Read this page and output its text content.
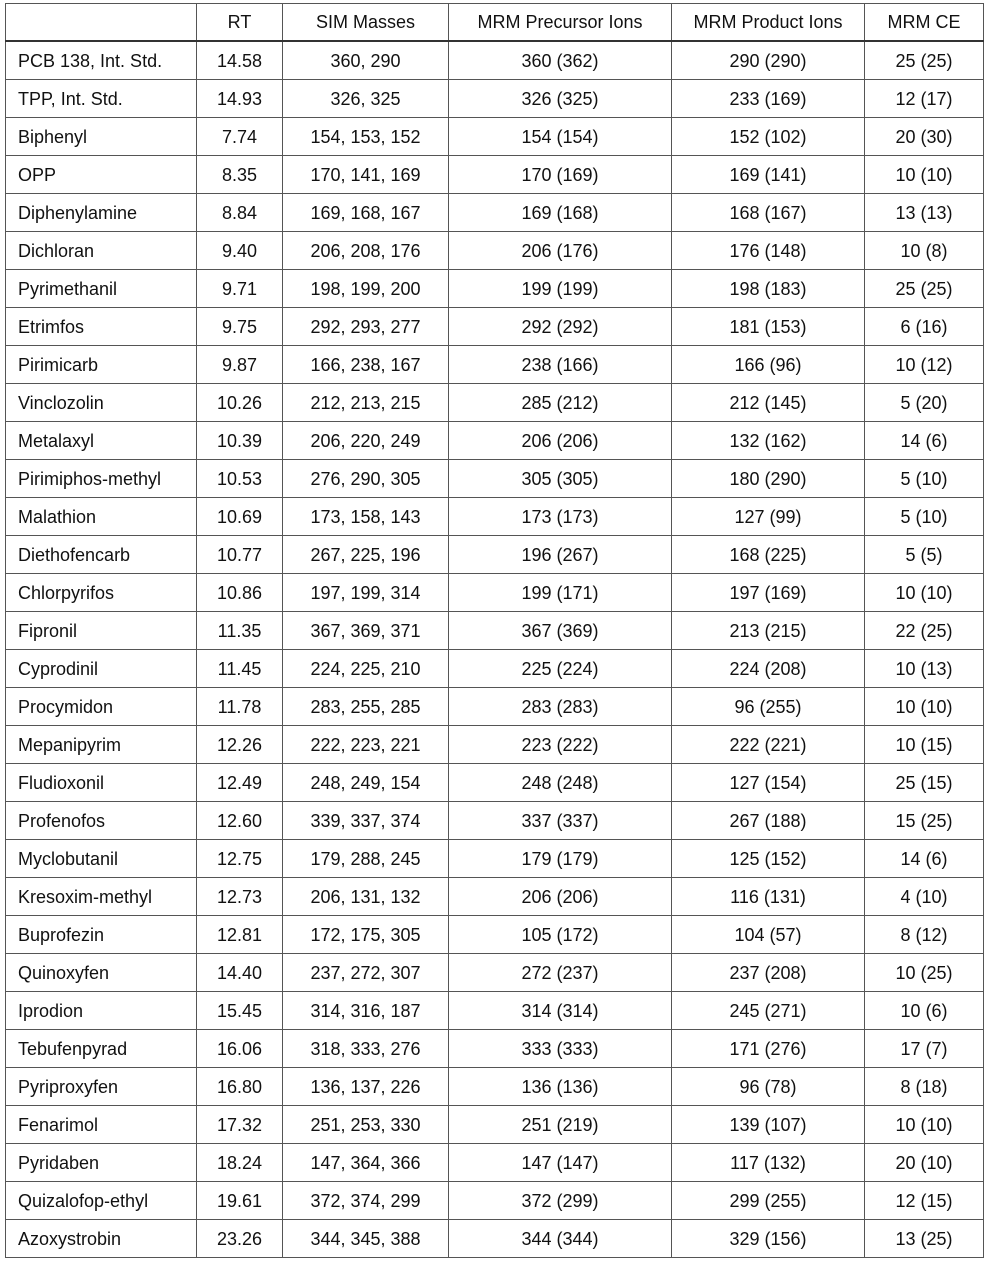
	RT	SIM Masses	MRM Precursor Ions	MRM Product Ions	MRM CE
PCB 138, Int. Std.	14.58	360, 290	360 (362)	290 (290)	25 (25)
TPP, Int. Std.	14.93	326, 325	326 (325)	233 (169)	12 (17)
Biphenyl	7.74	154, 153, 152	154 (154)	152 (102)	20 (30)
OPP	8.35	170, 141, 169	170 (169)	169 (141)	10 (10)
Diphenylamine	8.84	169, 168, 167	169 (168)	168 (167)	13 (13)
Dichloran	9.40	206, 208, 176	206 (176)	176 (148)	10 (8)
Pyrimethanil	9.71	198, 199, 200	199 (199)	198 (183)	25 (25)
Etrimfos	9.75	292, 293, 277	292 (292)	181 (153)	6 (16)
Pirimicarb	9.87	166, 238, 167	238 (166)	166 (96)	10 (12)
Vinclozolin	10.26	212, 213, 215	285 (212)	212 (145)	5 (20)
Metalaxyl	10.39	206, 220, 249	206 (206)	132 (162)	14 (6)
Pirimiphos-methyl	10.53	276, 290, 305	305 (305)	180 (290)	5 (10)
Malathion	10.69	173, 158, 143	173 (173)	127 (99)	5 (10)
Diethofencarb	10.77	267, 225, 196	196 (267)	168 (225)	5 (5)
Chlorpyrifos	10.86	197, 199, 314	199 (171)	197 (169)	10 (10)
Fipronil	11.35	367, 369, 371	367 (369)	213 (215)	22 (25)
Cyprodinil	11.45	224, 225, 210	225 (224)	224 (208)	10 (13)
Procymidon	11.78	283, 255, 285	283 (283)	96 (255)	10 (10)
Mepanipyrim	12.26	222, 223, 221	223 (222)	222 (221)	10 (15)
Fludioxonil	12.49	248, 249, 154	248 (248)	127 (154)	25 (15)
Profenofos	12.60	339, 337, 374	337 (337)	267 (188)	15 (25)
Myclobutanil	12.75	179, 288, 245	179 (179)	125 (152)	14 (6)
Kresoxim-methyl	12.73	206, 131, 132	206 (206)	116 (131)	4 (10)
Buprofezin	12.81	172, 175, 305	105 (172)	104 (57)	8 (12)
Quinoxyfen	14.40	237, 272, 307	272 (237)	237 (208)	10 (25)
Iprodion	15.45	314, 316, 187	314 (314)	245 (271)	10 (6)
Tebufenpyrad	16.06	318, 333, 276	333 (333)	171 (276)	17 (7)
Pyriproxyfen	16.80	136, 137, 226	136 (136)	96 (78)	8 (18)
Fenarimol	17.32	251, 253, 330	251 (219)	139 (107)	10 (10)
Pyridaben	18.24	147, 364, 366	147 (147)	117 (132)	20 (10)
Quizalofop-ethyl	19.61	372, 374, 299	372 (299)	299 (255)	12 (15)
Azoxystrobin	23.26	344, 345, 388	344 (344)	329 (156)	13 (25)
